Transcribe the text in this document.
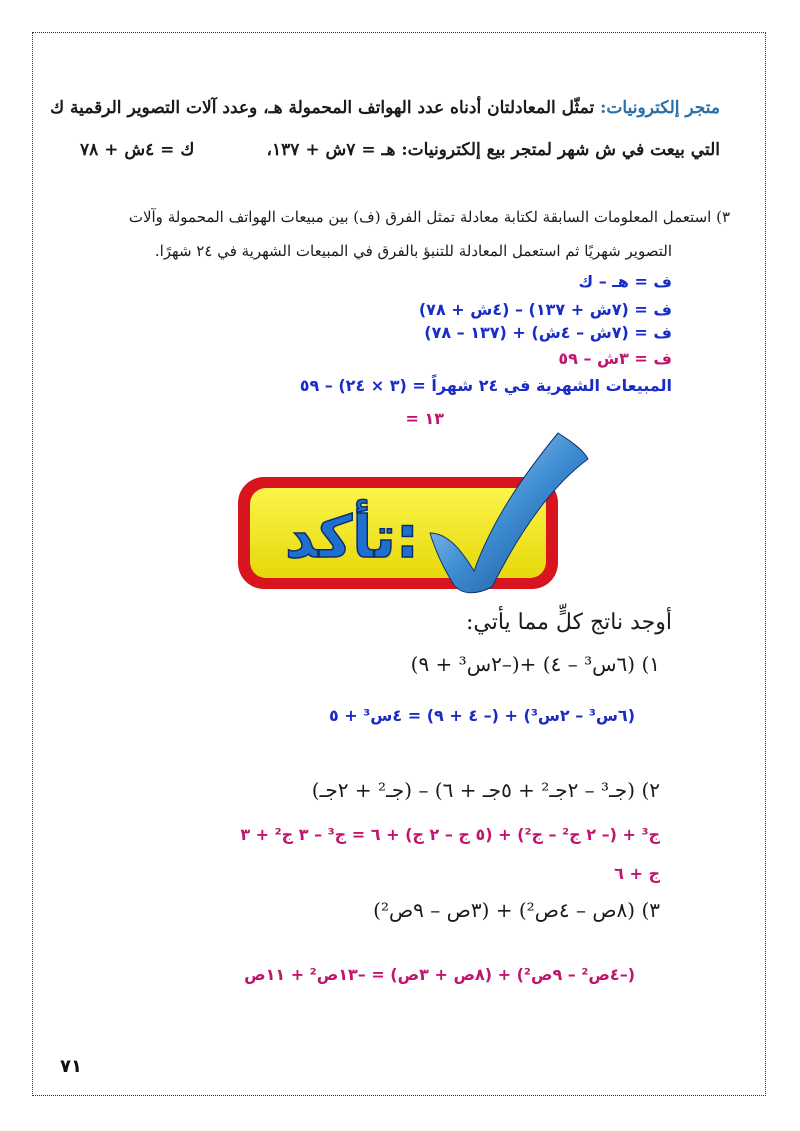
متجر إلكترونيات: تمثّل المعادلتان أدناه عدد الهواتف المحمولة هـ، وعدد آلات التصوير الرقمية ك
التي بيعت في ش شهر لمتجر بيع إلكترونيات: هـ = ٧ش + ١٣٧،
ك = ٤ش + ٧٨
٣) استعمل المعلومات السابقة لكتابة معادلة تمثل الفرق (ف) بين مبيعات الهواتف المحمولة وآلات
التصوير شهريًا ثم استعمل المعادلة للتنبؤ بالفرق في المبيعات الشهرية في ٢٤ شهرًا.
ف = هـ – ك
ف = (٧ش + ١٣٧) – (٤ش + ٧٨)
ف = (٧ش – ٤ش) + (١٣٧ – ٧٨)
ف = ٣ش – ٥٩
المبيعات الشهرية في ٢٤ شهراً = (٣ × ٢٤) – ٥٩
= ١٣
تأكد:
أوجد ناتج كلٍّ مما يأتي:
١) (٦س³ – ٤) +(–٢س³ + ٩)
(٦س³ – ٢س³) + (– ٤ + ٩) = ٤س³ + ٥
٢) (جـ³ – ٢جـ² + ٥جـ + ٦) – (جـ² + ٢جـ)
ج³ + (– ٢ ج² – ج²) + (٥ ج – ٢ ج) + ٦ = ج³ – ٣ ج² + ٣
ج + ٦
٣) (٨ص – ٤ص²) + (٣ص – ٩ص²)
(–٤ص² – ٩ص²) + (٨ص + ٣ص) = –١٣ص² + ١١ص
٧١
